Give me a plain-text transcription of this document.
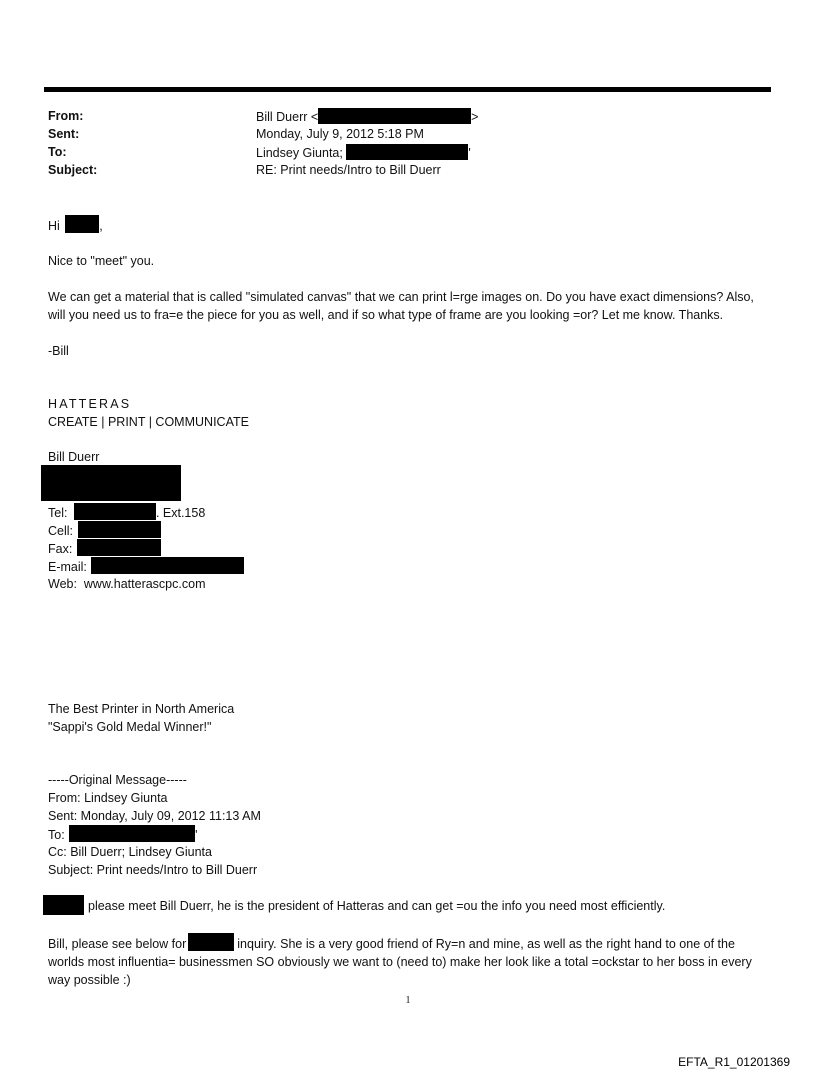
From:	Bill Duerr <	>
Sent:	Monday, July 9, 2012 5:18 PM
To:	Lindsey Giunta;	'
Subject:	RE: Print needs/Intro to Bill Duerr
Hi	,
Nice to "meet" you.
We can get a material that is called "simulated canvas" that we can print l=rge images on. Do you have exact dimensions? Also, will you need us to fra=e the piece for you as well, and if so what type of frame are you looking =or? Let me know. Thanks.
-Bill
HATTERAS
CREATE | PRINT | COMMUNICATE
Bill Duerr
Tel:	. Ext.158
Cell:
Fax:
E-mail:
Web: www.hatterascpc.com
The Best Printer in North America
"Sappi's Gold Medal Winner!"
-----Original Message-----
From: Lindsey Giunta
Sent: Monday, July 09, 2012 11:13 AM
To:	'
Cc: Bill Duerr; Lindsey Giunta
Subject: Print needs/Intro to Bill Duerr
please meet Bill Duerr, he is the president of Hatteras and can get =ou the info you need most efficiently.
Bill, please see below for	inquiry. She is a very good friend of Ry=n and mine, as well as the right hand to one of the worlds most influentia= businessmen SO obviously we want to (need to) make her look like a total =ockstar to her boss in every way possible :)
1
EFTA_R1_01201369
